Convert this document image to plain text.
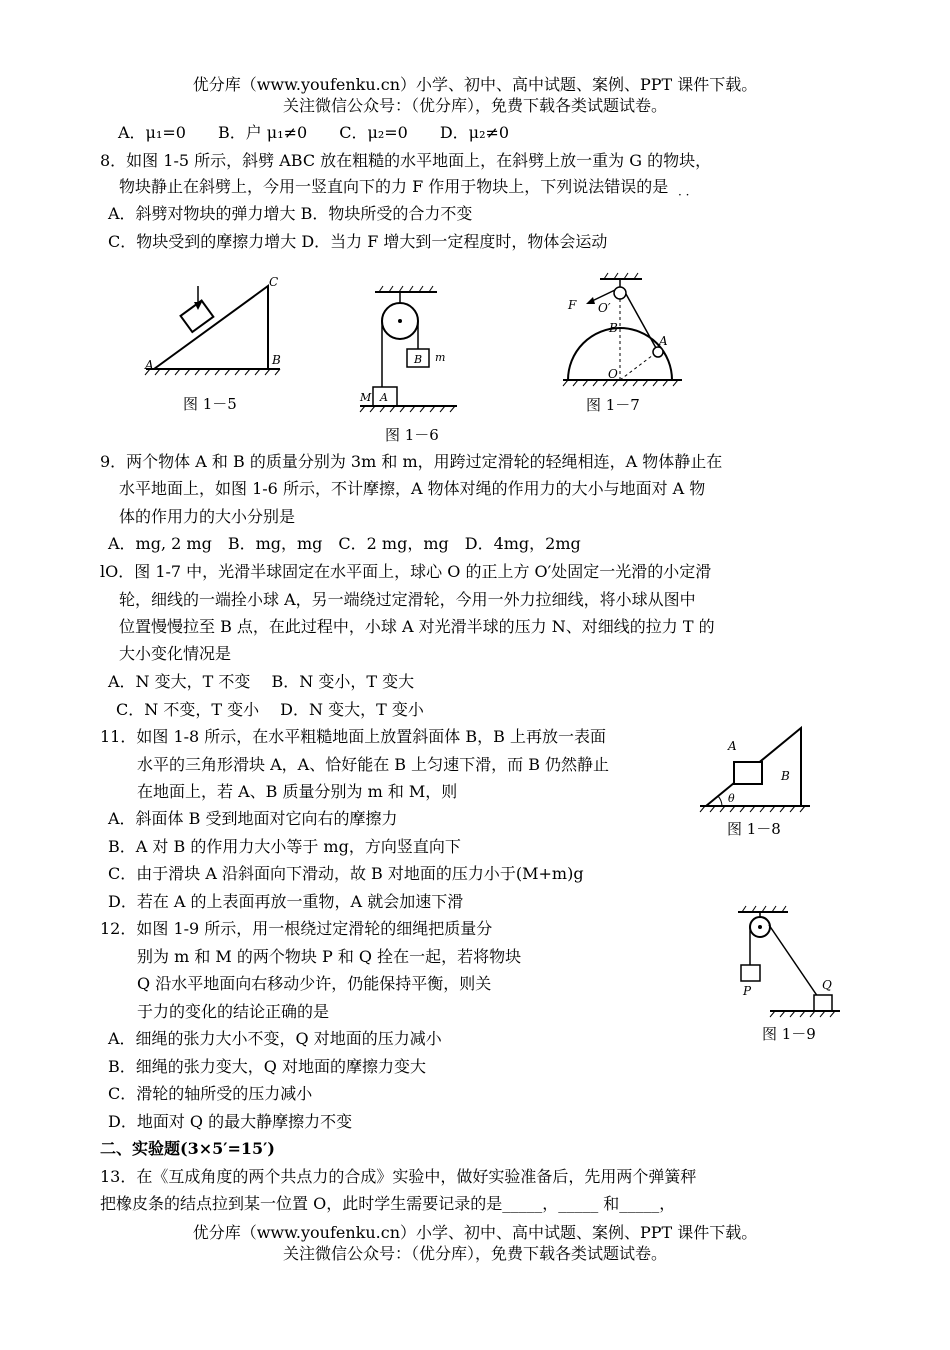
优分库（www.youfenku.cn）小学、初中、高中试题、案例、PPT 课件下载。
关注微信公众号：（优分库），免费下载各类试题试卷。
A．μ₁=0　　B．户 μ₁≠0　　C．μ₂=0　　D．μ₂≠0
8．如图 1-5 所示，斜劈 ABC 放在粗糙的水平地面上，在斜劈上放一重为 G 的物块，
物块静止在斜劈上，今用一竖直向下的力 F 作用于物块上，下列说法错误的是 · ·
A．斜劈对物块的弹力增大 B．物块所受的合力不变
C．物块受到的摩擦力增大 D．当力 F 增大到一定程度时，物体会运动
A	B
C
图 1－5
B m
A
M
图 1－6
F O′
B
A
O
图 1－7
9．两个物体 A 和 B 的质量分别为 3m 和 m，用跨过定滑轮的轻绳相连，A 物体静止在
水平地面上，如图 1-6 所示，不计摩擦，A 物体对绳的作用力的大小与地面对 A 物
体的作用力的大小分别是
A．mg, 2 mg　B．mg，mg　C．2 mg，mg　D．4mg，2mg
lO．图 1-7 中，光滑半球固定在水平面上，球心 O 的正上方 O′处固定一光滑的小定滑
轮，细线的一端拴小球 A，另一端绕过定滑轮，今用一外力拉细线，将小球从图中
位置慢慢拉至 B 点，在此过程中，小球 A 对光滑半球的压力 N、对细线的拉力 T 的
大小变化情况是
A．N 变大，T 不变　 B．N 变小，T 变大
C．N 不变，T 变小　 D．N 变大，T 变小
11．如图 1-8 所示，在水平粗糙地面上放置斜面体 B，B 上再放一表面
水平的三角形滑块 A，A、恰好能在 B 上匀速下滑，而 B 仍然静止
在地面上，若 A、B 质量分别为 m 和 M，则
A．斜面体 B 受到地面对它向右的摩擦力
B．A 对 B 的作用力大小等于 mg，方向竖直向下
C．由于滑块 A 沿斜面向下滑动，故 B 对地面的压力小于(M+m)g
D．若在 A 的上表面再放一重物，A 就会加速下滑
A
B
θ
图 1－8
12．如图 1-9 所示，用一根绕过定滑轮的细绳把质量分
别为 m 和 M 的两个物块 P 和 Q 拴在一起，若将物块
Q 沿水平地面向右移动少许，仍能保持平衡，则关
于力的变化的结论正确的是
A．细绳的张力大小不变，Q 对地面的压力减小
B．细绳的张力变大，Q 对地面的摩擦力变大
C．滑轮的轴所受的压力减小
D．地面对 Q 的最大静摩擦力不变
P	Q
图 1－9
二、实验题(3×5′=15′)
13．在《互成角度的两个共点力的合成》实验中，做好实验准备后，先用两个弹簧秤
把橡皮条的结点拉到某一位置 O，此时学生需要记录的是_____，_____ 和_____，
优分库（www.youfenku.cn）小学、初中、高中试题、案例、PPT 课件下载。
关注微信公众号：（优分库），免费下载各类试题试卷。
